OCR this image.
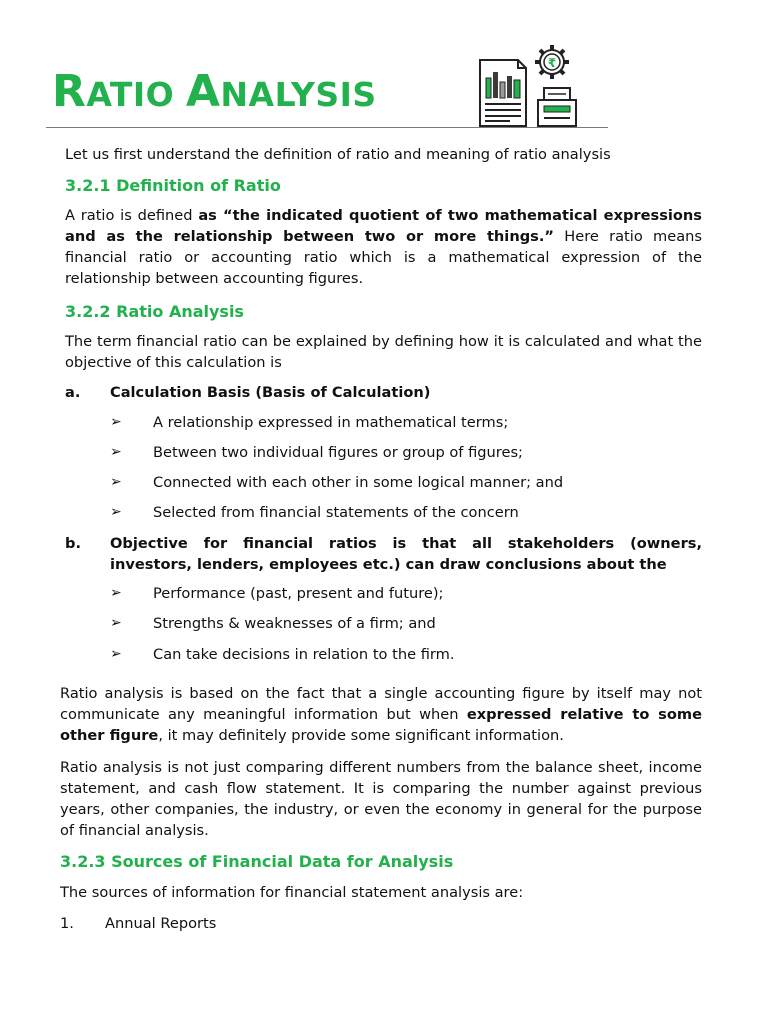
RATIO ANALYSIS
₹

Let us first understand the definition of ratio and meaning of ratio analysis

3.2.1 Definition of Ratio

A ratio is defined as “the indicated quotient of two mathematical expressions and as the relationship between two or more things.” Here ratio means financial ratio or accounting ratio which is a mathematical expression of the relationship between accounting figures.

3.2.2 Ratio Analysis

The term financial ratio can be explained by defining how it is calculated and what the objective of this calculation is

a. Calculation Basis (Basis of Calculation)
➢ A relationship expressed in mathematical terms;
➢ Between two individual figures or group of figures;
➢ Connected with each other in some logical manner; and
➢ Selected from financial statements of the concern
b. Objective for financial ratios is that all stakeholders (owners, investors, lenders, employees etc.) can draw conclusions about the

➢ Performance (past, present and future);
➢ Strengths & weaknesses of a firm; and
➢ Can take decisions in relation to the firm.

Ratio analysis is based on the fact that a single accounting figure by itself may not communicate any meaningful information but when expressed relative to some other figure, it may definitely provide some significant information.

Ratio analysis is not just comparing different numbers from the balance sheet, income statement, and cash flow statement. It is comparing the number against previous years, other companies, the industry, or even the economy in general for the purpose of financial analysis.

3.2.3 Sources of Financial Data for Analysis

The sources of information for financial statement analysis are:

1. Annual Reports
